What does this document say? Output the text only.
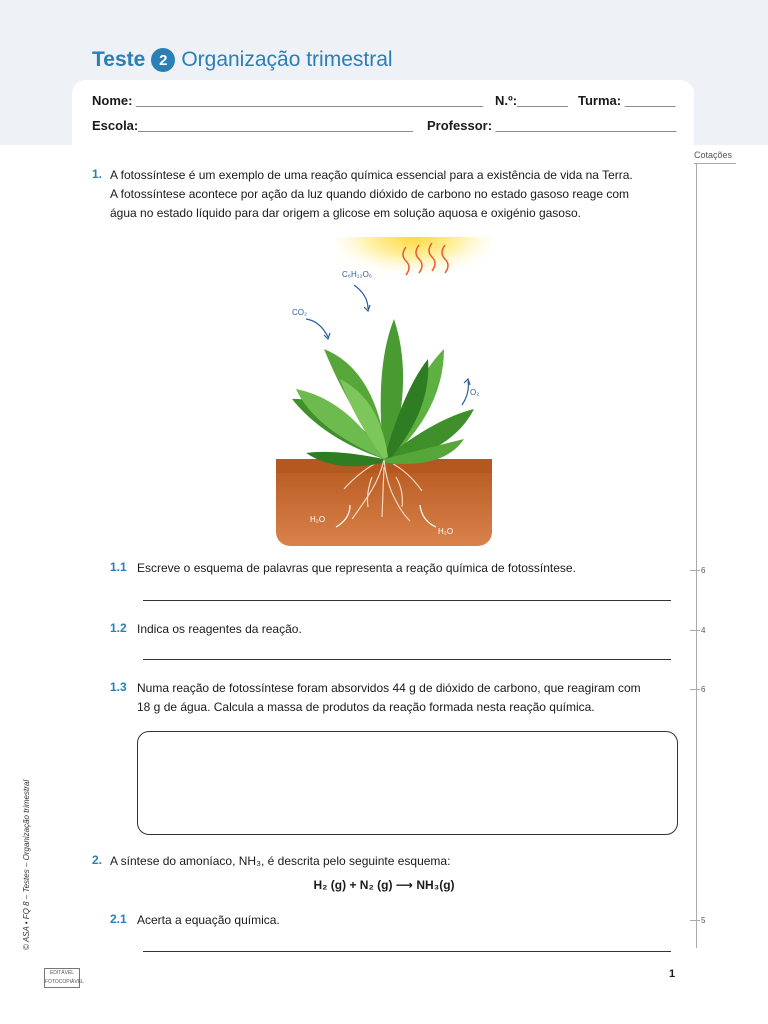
Teste 2 Organização trimestral
Nome: ________________________________________________ N.º:_______ Turma: _______
Escola:______________________________________ Professor: _________________________
Cotações
6
4
6
5
1. A fotossíntese é um exemplo de uma reação química essencial para a existência de vida na Terra.
A fotossíntese acontece por ação da luz quando dióxido de carbono no estado gasoso reage com
água no estado líquido para dar origem a glicose em solução aquosa e oxigénio gasoso.
C₆H₁₂O₆
CO₂
O₂
H₂O
H₂O
1.1 Escreve o esquema de palavras que representa a reação química de fotossíntese.
1.2 Indica os reagentes da reação.
1.3 Numa reação de fotossíntese foram absorvidos 44 g de dióxido de carbono, que reagiram com
18 g de água. Calcula a massa de produtos da reação formada nesta reação química.
2. A síntese do amoníaco, NH₃, é descrita pelo seguinte esquema:
H₂ (g) + N₂ (g) ⟶ NH₃(g)
2.1 Acerta a equação química.
© ASA • FQ 8 – Testes – Organização trimestral
EDITÁVEL
FOTOCOPIÁVEL
1
